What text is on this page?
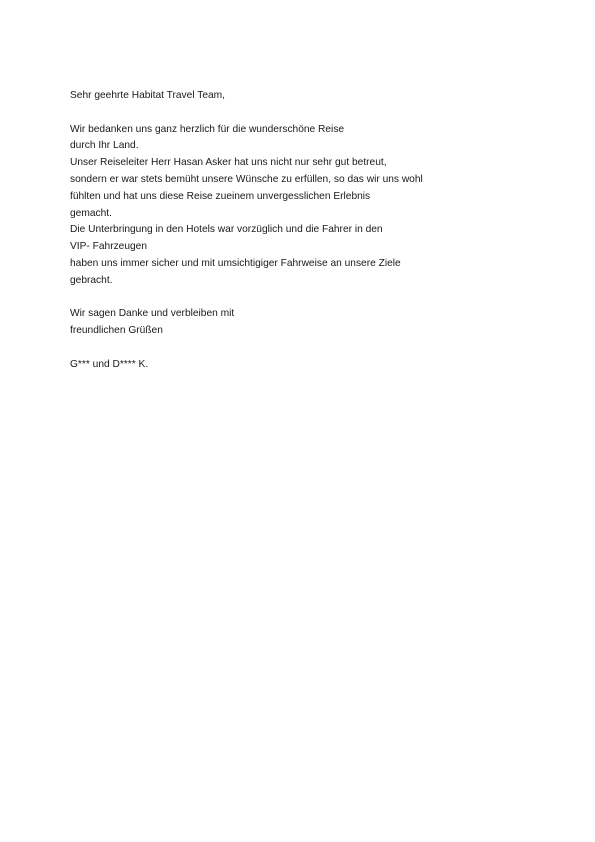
Sehr geehrte Habitat Travel Team,
Wir bedanken uns ganz herzlich für die wunderschöne Reise
durch Ihr Land.
Unser Reiseleiter Herr Hasan Asker hat uns nicht nur sehr gut betreut,
sondern er war stets bemüht unsere Wünsche zu erfüllen, so das wir uns wohl
fühlten und hat uns diese Reise zueinem unvergesslichen Erlebnis
gemacht.
Die Unterbringung in den Hotels war vorzüglich und die Fahrer in den
VIP- Fahrzeugen
haben uns immer sicher und mit umsichtigiger Fahrweise an unsere Ziele
gebracht.
Wir sagen Danke und verbleiben mit
freundlichen Grüßen
G*** und D**** K.
